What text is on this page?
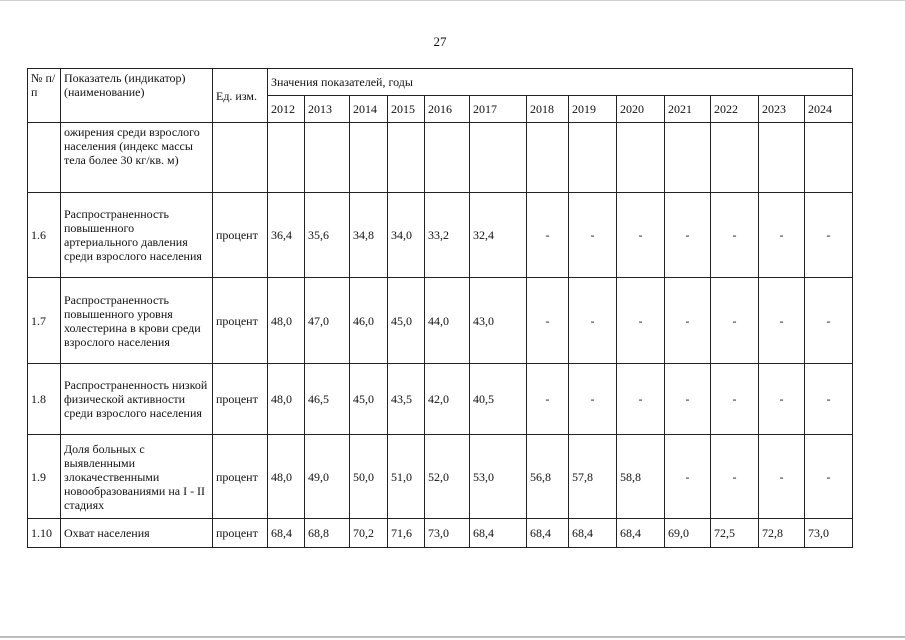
27
№ п/п	Показатель (индикатор) (наименование)	Ед. изм.	Значения показателей, годы												
			2012	2013	2014	2015	2016	2017	2018	2019	2020	2021	2022	2023	2024
	ожирения среди взрослого населения (индекс массы тела более 30 кг/кв. м)														
1.6	Распространенность повышенного артериального давления среди взрослого населения	процент	36,4	35,6	34,8	34,0	33,2	32,4	-	-	-	-	-	-	-
1.7	Распространенность повышенного уровня холестерина в крови среди взрослого населения	процент	48,0	47,0	46,0	45,0	44,0	43,0	-	-	-	-	-	-	-
1.8	Распространенность низкой физической активности среди взрослого населения	процент	48,0	46,5	45,0	43,5	42,0	40,5	-	-	-	-	-	-	-
1.9	Доля больных с выявленными злокачественными новообразованиями на I - II стадиях	процент	48,0	49,0	50,0	51,0	52,0	53,0	56,8	57,8	58,8	-	-	-	-
1.10	Охват населения	процент	68,4	68,8	70,2	71,6	73,0	68,4	68,4	68,4	68,4	69,0	72,5	72,8	73,0
